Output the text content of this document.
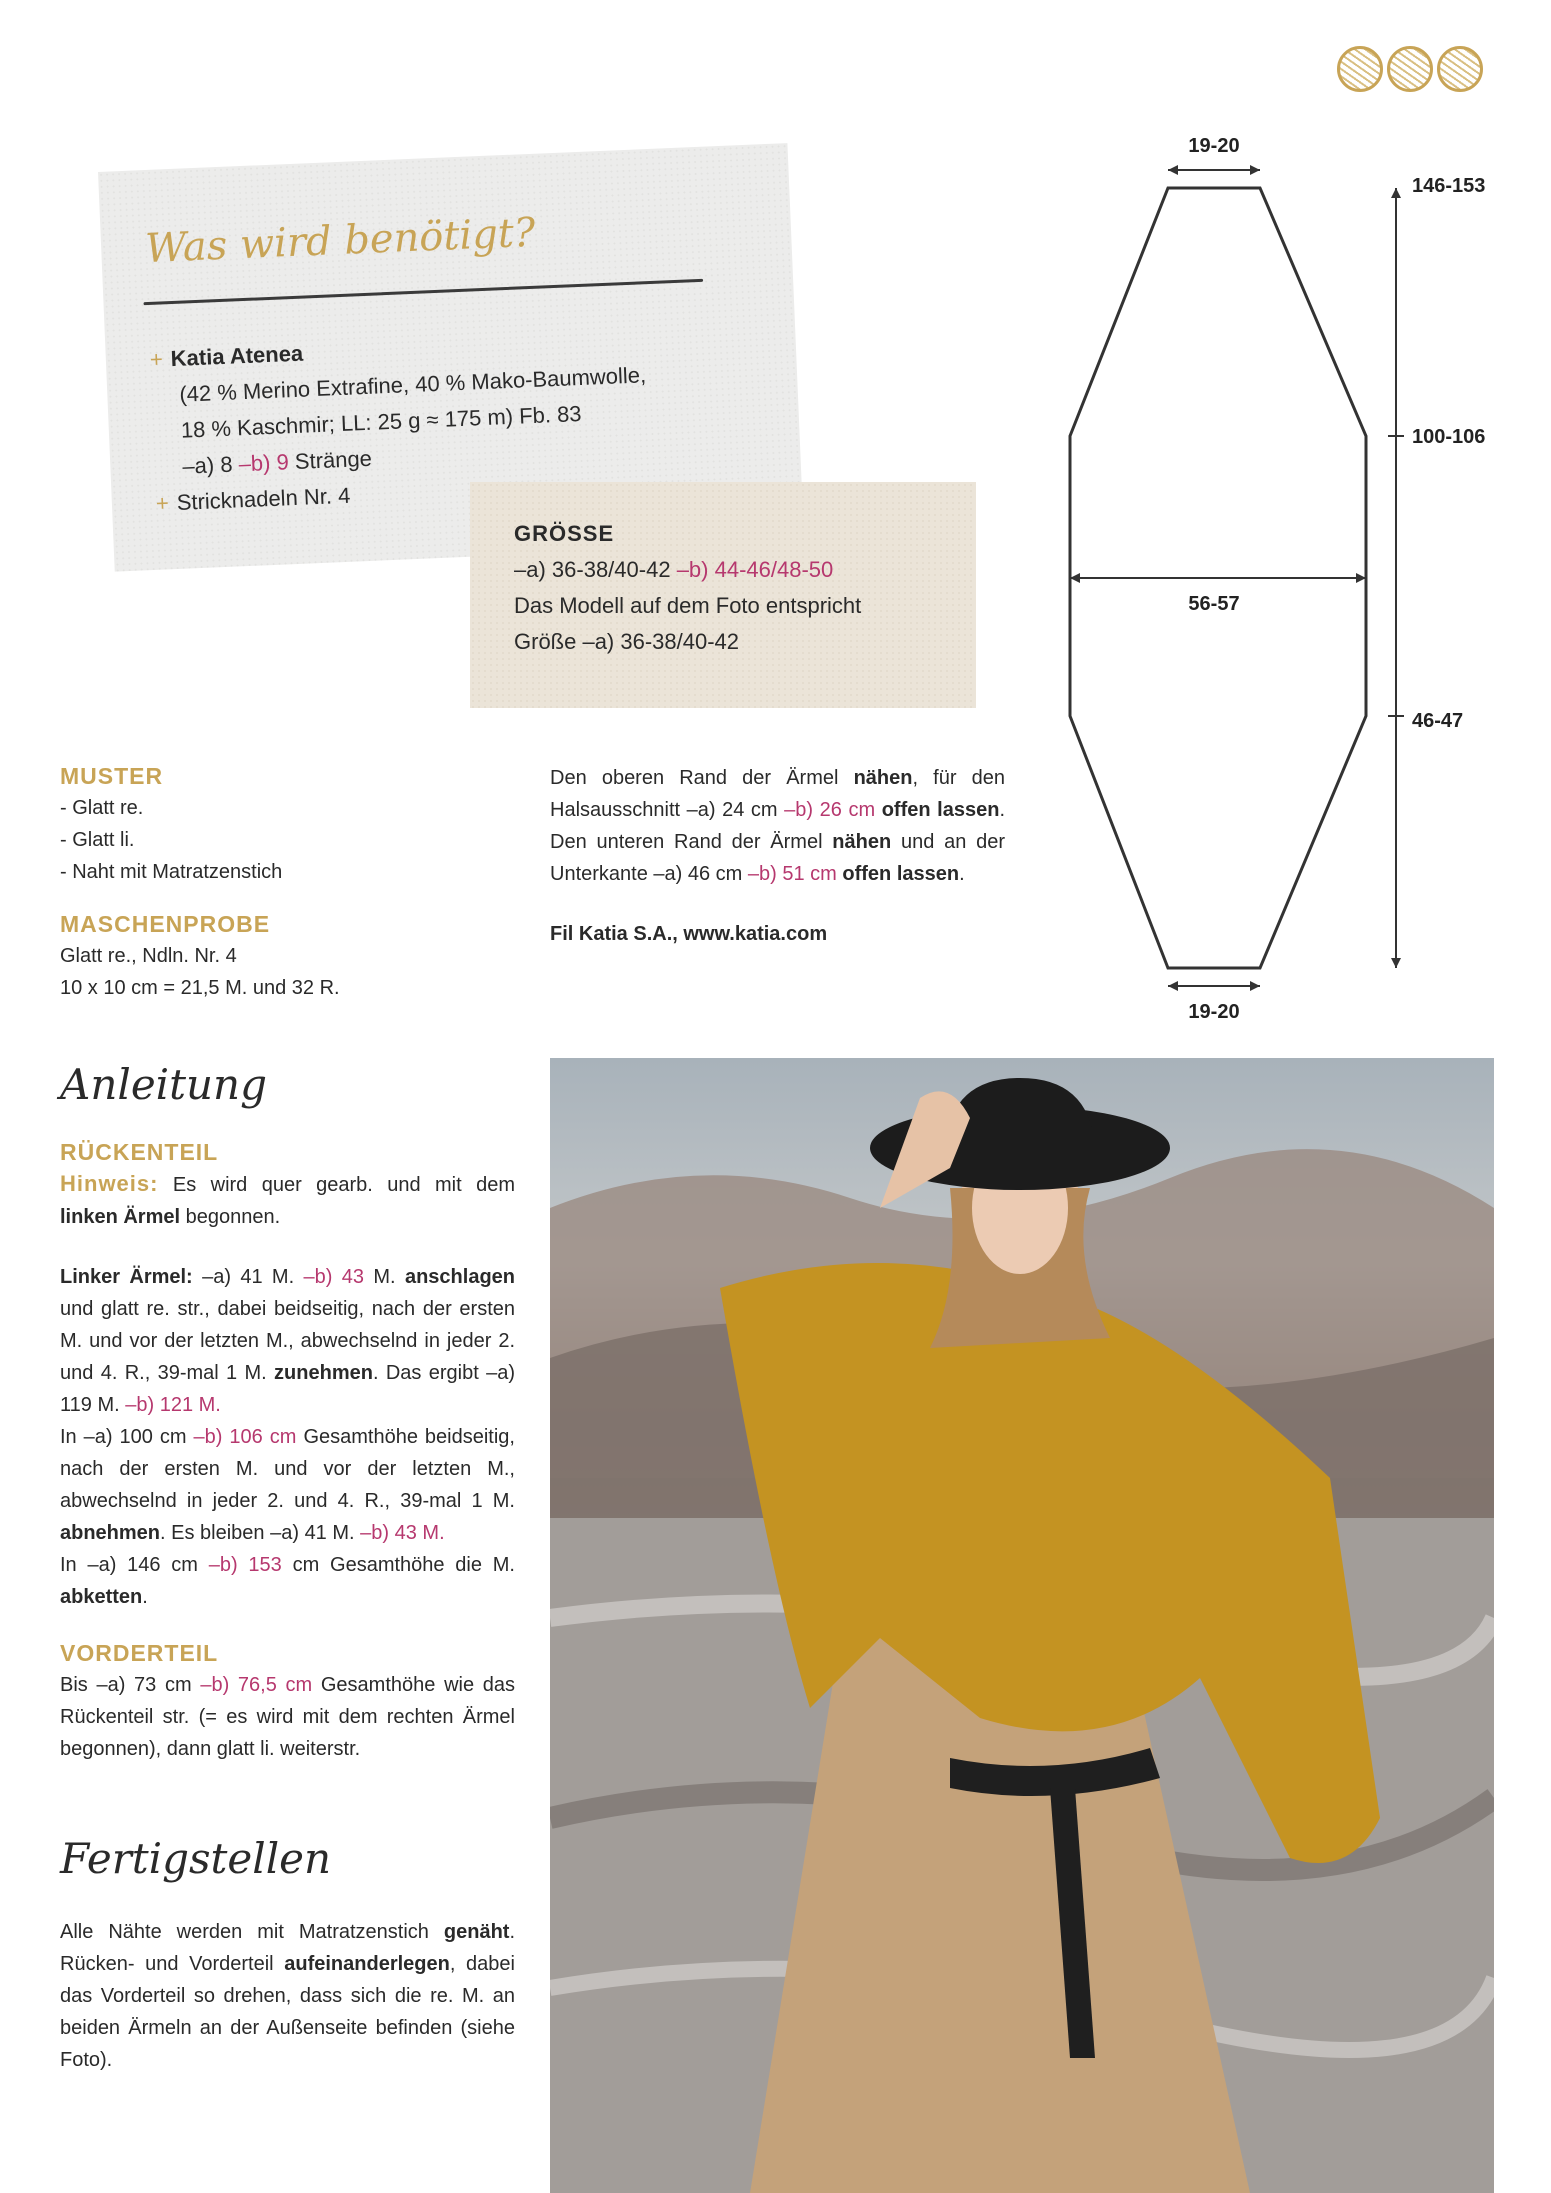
Was wird benötigt?
+ Katia Atenea
(42 % Merino Extrafine, 40 % Mako-Baumwolle,
18 % Kaschmir; LL: 25 g ≈ 175 m) Fb. 83
–a) 8 –b) 9 Stränge
+ Stricknadeln Nr. 4
GRÖSSE
–a) 36-38/40-42 –b) 44-46/48-50
Das Modell auf dem Foto entspricht
Größe –a) 36-38/40-42
19-20
146-153
100-106
46-47
56-57
19-20

MUSTER

- Glatt re.

- Glatt li.

- Naht mit Matratzenstich

MASCHENPROBE

Glatt re., Ndln. Nr. 4

10 x 10 cm = 21,5 M. und 32 R.

Anleitung

RÜCKENTEIL

Hinweis: Es wird quer gearb. und mit dem linken Ärmel begonnen.

Linker Ärmel: –a) 41 M. –b) 43 M. anschlagen und glatt re. str., dabei beidseitig, nach der ersten M. und vor der letzten M., abwechselnd in jeder 2. und 4. R., 39-mal 1 M. zunehmen. Das ergibt –a) 119 M. –b) 121 M.

In –a) 100 cm –b) 106 cm Gesamthöhe beidseitig, nach der ersten M. und vor der letzten M., abwechselnd in jeder 2. und 4. R., 39-mal 1 M. abnehmen. Es bleiben –a) 41 M. –b) 43 M.

In –a) 146 cm –b) 153 cm Gesamthöhe die M. abketten.

VORDERTEIL

Bis –a) 73 cm –b) 76,5 cm Gesamthöhe wie das Rückenteil str. (= es wird mit dem rechten Ärmel begonnen), dann glatt li. weiterstr.

Fertigstellen

Alle Nähte werden mit Matratzenstich genäht. Rücken- und Vorderteil aufeinanderlegen, dabei das Vorderteil so drehen, dass sich die re. M. an beiden Ärmeln an der Außenseite befinden (siehe Foto).

Den oberen Rand der Ärmel nähen, für den Halsausschnitt –a) 24 cm –b) 26 cm offen lassen. Den unteren Rand der Ärmel nähen und an der Unterkante –a) 46 cm –b) 51 cm offen lassen.

Fil Katia S.A., www.katia.com
